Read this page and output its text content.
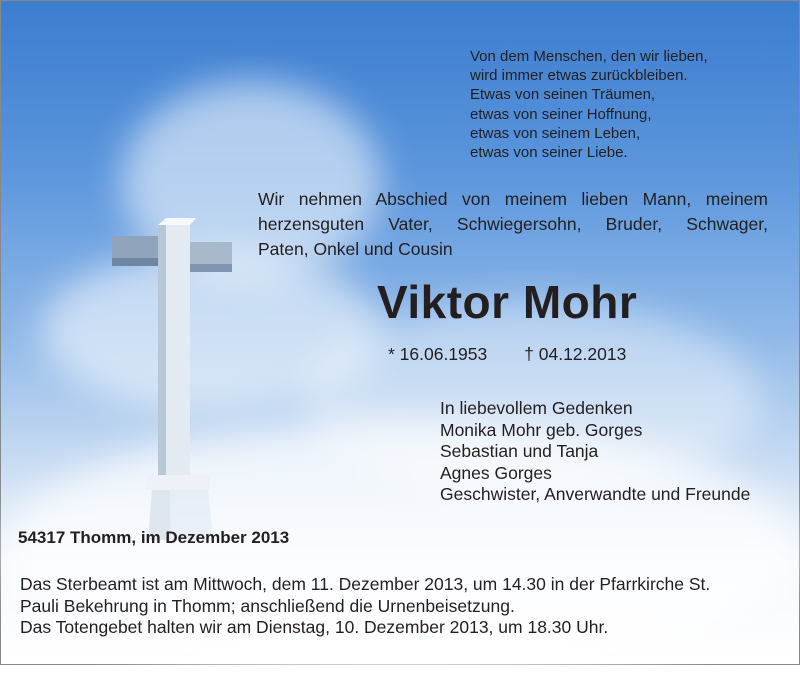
Von dem Menschen, den wir lieben,
wird immer etwas zurückbleiben.
Etwas von seinen Träumen,
etwas von seiner Hoffnung,
etwas von seinem Leben,
etwas von seiner Liebe.
Wir nehmen Abschied von meinem lieben Mann, meinem
herzensguten Vater, Schwiegersohn, Bruder, Schwager,
Paten, Onkel und Cousin
Viktor Mohr
* 16.06.1953 † 04.12.2013
In liebevollem Gedenken
Monika Mohr geb. Gorges
Sebastian und Tanja
Agnes Gorges
Geschwister, Anverwandte und Freunde
54317 Thomm, im Dezember 2013
Das Sterbeamt ist am Mittwoch, dem 11. Dezember 2013, um 14.30 in der Pfarrkirche St.
Pauli Bekehrung in Thomm; anschließend die Urnenbeisetzung.
Das Totengebet halten wir am Dienstag, 10. Dezember 2013, um 18.30 Uhr.
